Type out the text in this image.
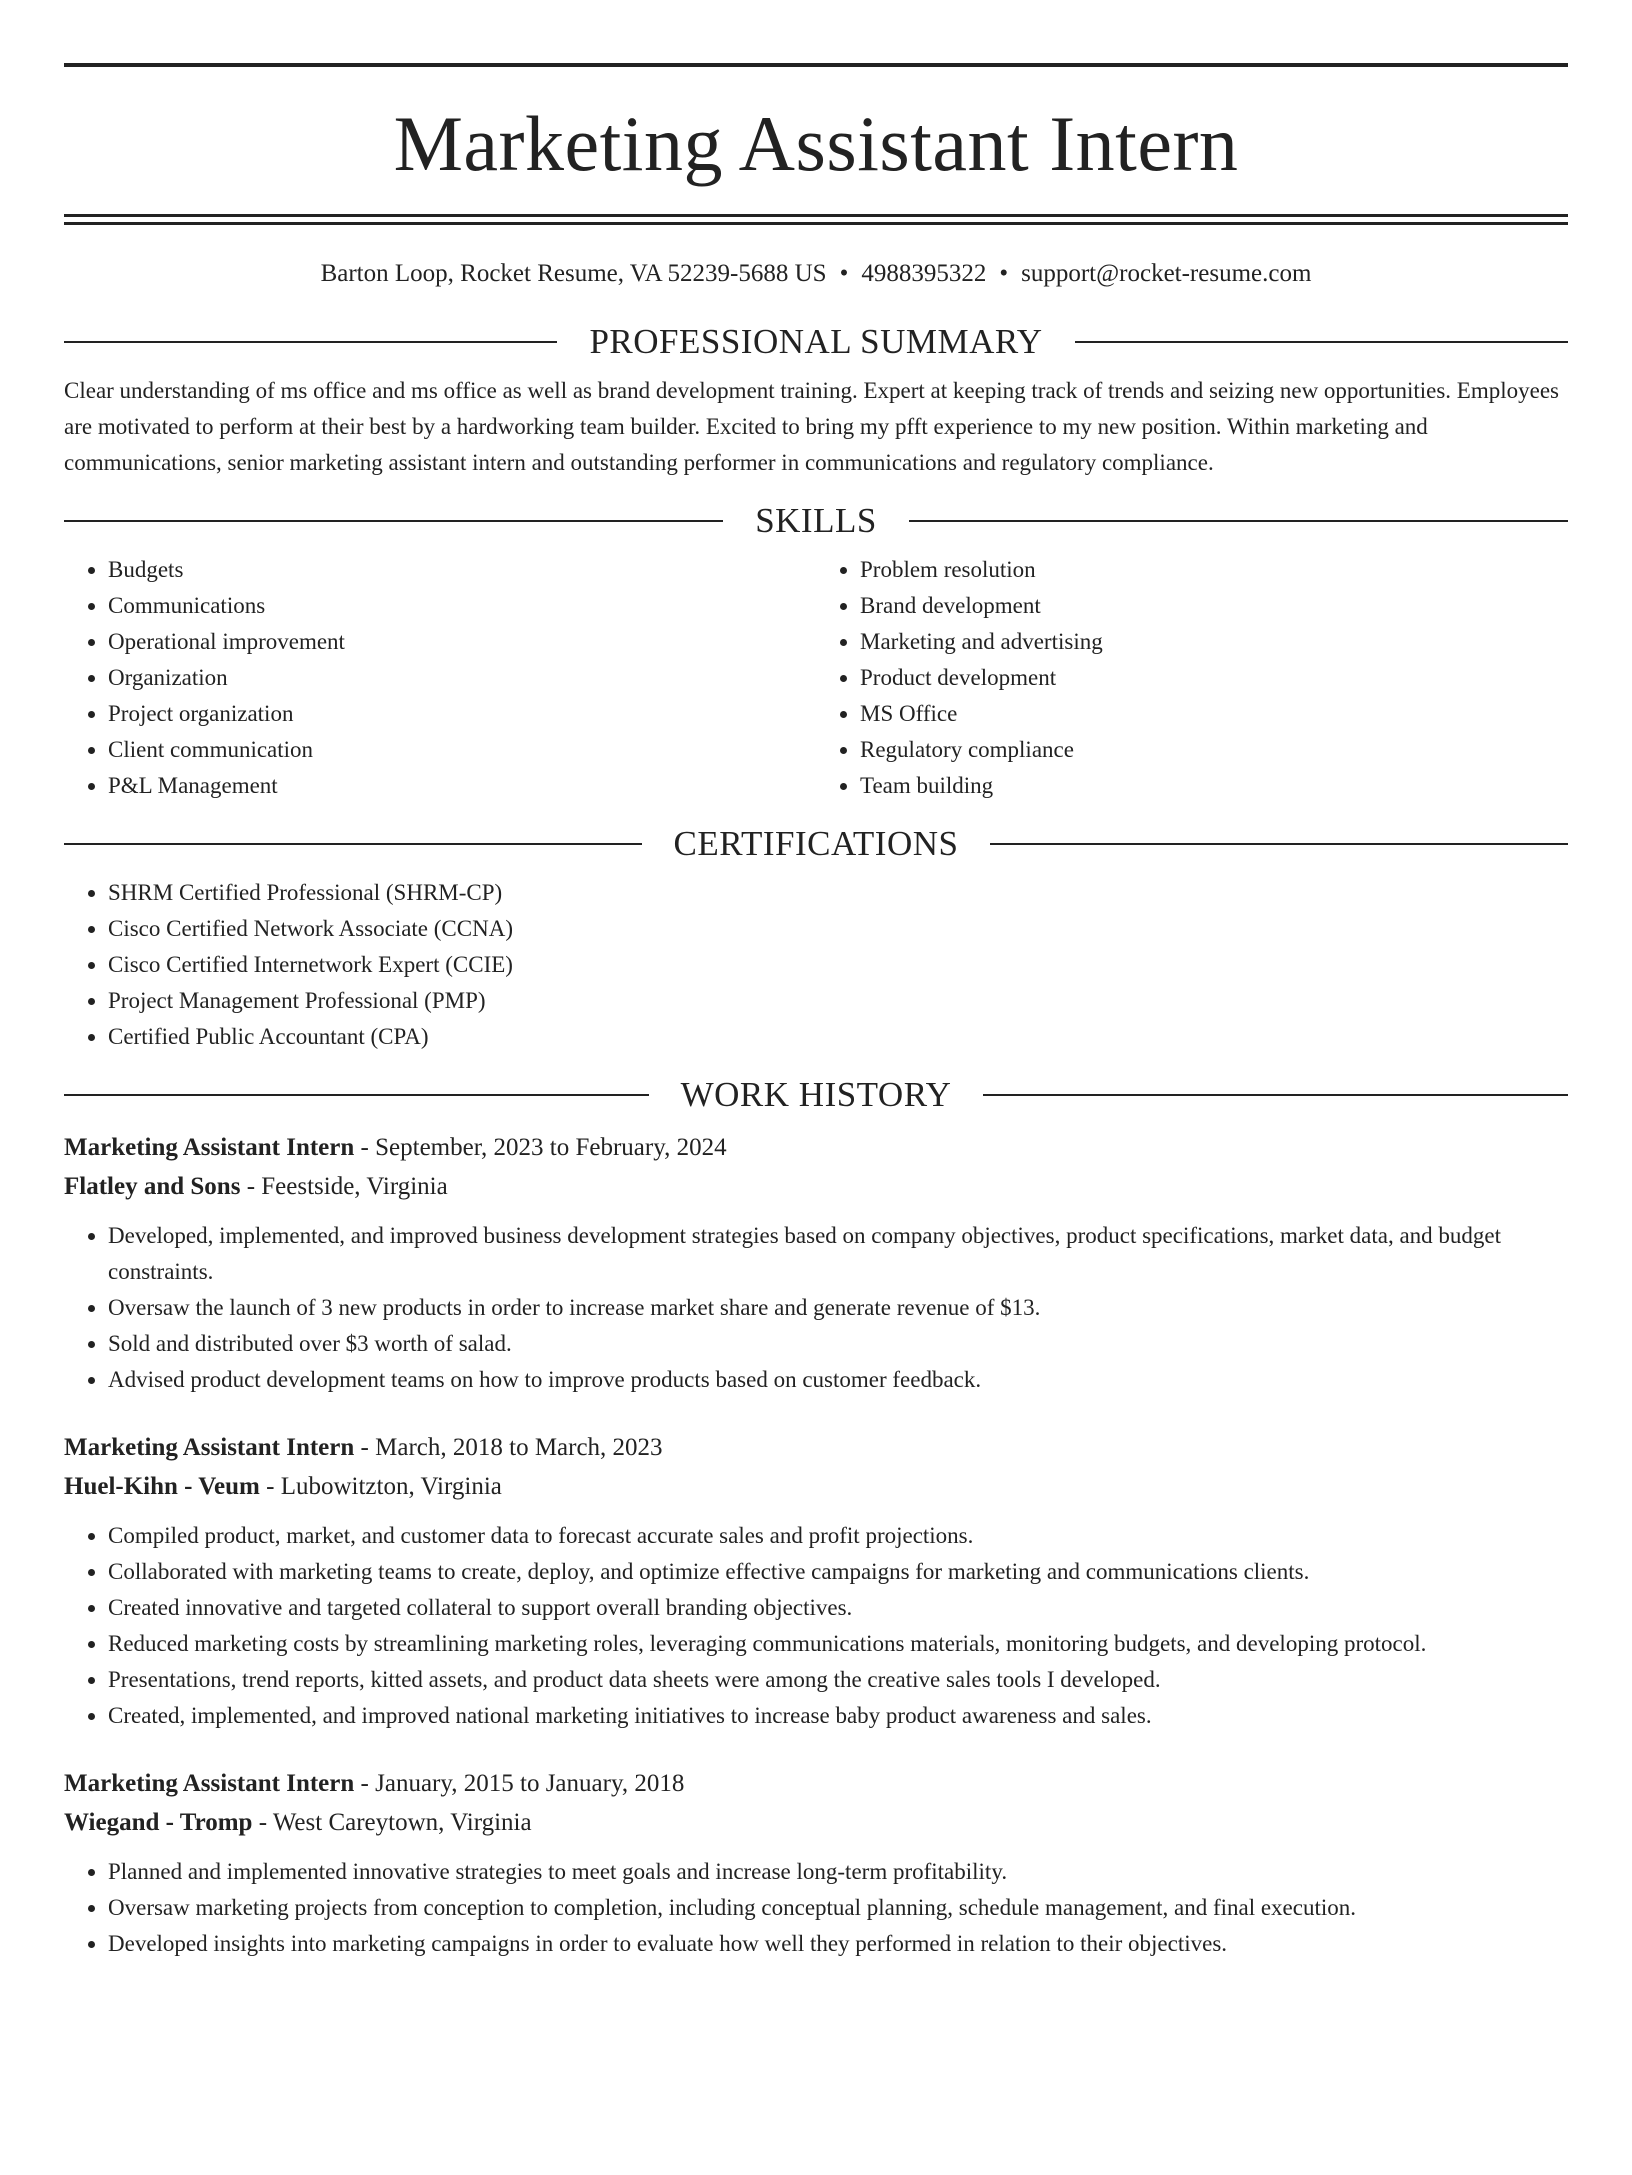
Marketing Assistant Intern
Barton Loop, Rocket Resume, VA 52239-5688 US • 4988395322 • support@rocket-resume.com
PROFESSIONAL SUMMARY

Clear understanding of ms office and ms office as well as brand development training. Expert at keeping track of trends and seizing new opportunities. Employees are motivated to perform at their best by a hardworking team builder. Excited to bring my pfft experience to my new position. Within marketing and communications, senior marketing assistant intern and outstanding performer in communications and regulatory compliance.

SKILLS
• Budgets
• Communications
• Operational improvement
• Organization
• Project organization
• Client communication
• P&L Management
• Problem resolution
• Brand development
• Marketing and advertising
• Product development
• MS Office
• Regulatory compliance
• Team building
CERTIFICATIONS
• SHRM Certified Professional (SHRM-CP)
• Cisco Certified Network Associate (CCNA)
• Cisco Certified Internetwork Expert (CCIE)
• Project Management Professional (PMP)
• Certified Public Accountant (CPA)
WORK HISTORY
Marketing Assistant Intern - September, 2023 to February, 2024
Flatley and Sons - Feestside, Virginia
• Developed, implemented, and improved business development strategies based on company objectives, product specifications, market data, and budget constraints.
• Oversaw the launch of 3 new products in order to increase market share and generate revenue of $13.
• Sold and distributed over $3 worth of salad.
• Advised product development teams on how to improve products based on customer feedback.
Marketing Assistant Intern - March, 2018 to March, 2023
Huel-Kihn - Veum - Lubowitzton, Virginia
• Compiled product, market, and customer data to forecast accurate sales and profit projections.
• Collaborated with marketing teams to create, deploy, and optimize effective campaigns for marketing and communications clients.
• Created innovative and targeted collateral to support overall branding objectives.
• Reduced marketing costs by streamlining marketing roles, leveraging communications materials, monitoring budgets, and developing protocol.
• Presentations, trend reports, kitted assets, and product data sheets were among the creative sales tools I developed.
• Created, implemented, and improved national marketing initiatives to increase baby product awareness and sales.
Marketing Assistant Intern - January, 2015 to January, 2018
Wiegand - Tromp - West Careytown, Virginia
• Planned and implemented innovative strategies to meet goals and increase long-term profitability.
• Oversaw marketing projects from conception to completion, including conceptual planning, schedule management, and final execution.
• Developed insights into marketing campaigns in order to evaluate how well they performed in relation to their objectives.
